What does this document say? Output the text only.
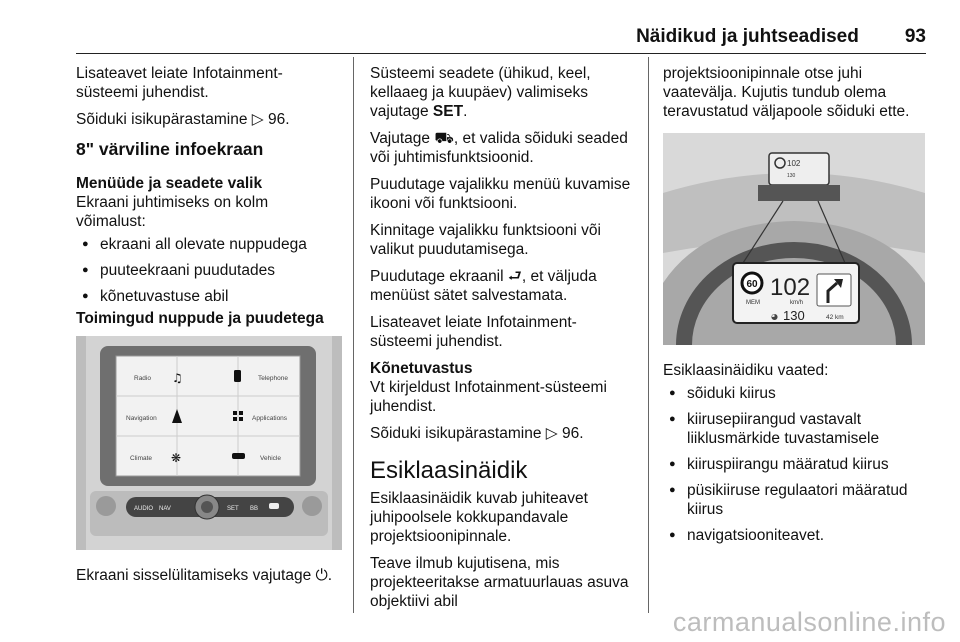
Näidikud ja juhtseadised 93

Lisateavet leiate Infotainment-süsteemi juhendist.

Sõiduki isikupärastamine ▷ 96.

8" värviline infoekraan
Menüüde ja seadete valik

Ekraani juhtimiseks on kolm võimalust:

● ekraani all olevate nuppudega
● puuteekraani puudutades
● kõnetuvastuse abil
Toimingud nuppude ja puudetega
Radio ♫	Telephone
Navigation	Applications
Climate ❋	Vehicle
AUDIO NAV	SET BB

Ekraani sisselülitamiseks vajutage ⏻.

Süsteemi seadete (ühikud, keel, kellaaeg ja kuupäev) valimiseks vajutage SET.

Vajutage ⛟, et valida sõiduki seaded või juhtimisfunktsioonid.

Puudutage vajalikku menüü kuvamise ikooni või funktsiooni.

Kinnitage vajalikku funktsiooni või valikut puudutamisega.

Puudutage ekraanil ⮐, et väljuda menüüst sätet salvestamata.

Lisateavet leiate Infotainment-süsteemi juhendist.

Kõnetuvastus

Vt kirjeldust Infotainment-süsteemi juhendist.

Sõiduki isikupärastamine ▷ 96.

Esiklaasinäidik

Esiklaasinäidik kuvab juhiteavet juhipoolsele kokkupandavale projektsioonipinnale.

Teave ilmub kujutisena, mis projekteeritakse armatuurlauas asuva objektiivi abil

projektsioonipinnale otse juhi vaatevälja. Kujutis tundub olema teravustatud väljapoole sõiduki ette.

102
130
60
MEM
102
km/h
◕ 130	42 km

Esiklaasinäidiku vaated:

● sõiduki kiirus
● kiirusepiirangud vastavalt liiklusmärkide tuvastamisele
● kiiruspiirangu määratud kiirus
● püsikiiruse regulaatori määratud kiirus
● navigatsiooniteavet.
carmanualsonline.info
